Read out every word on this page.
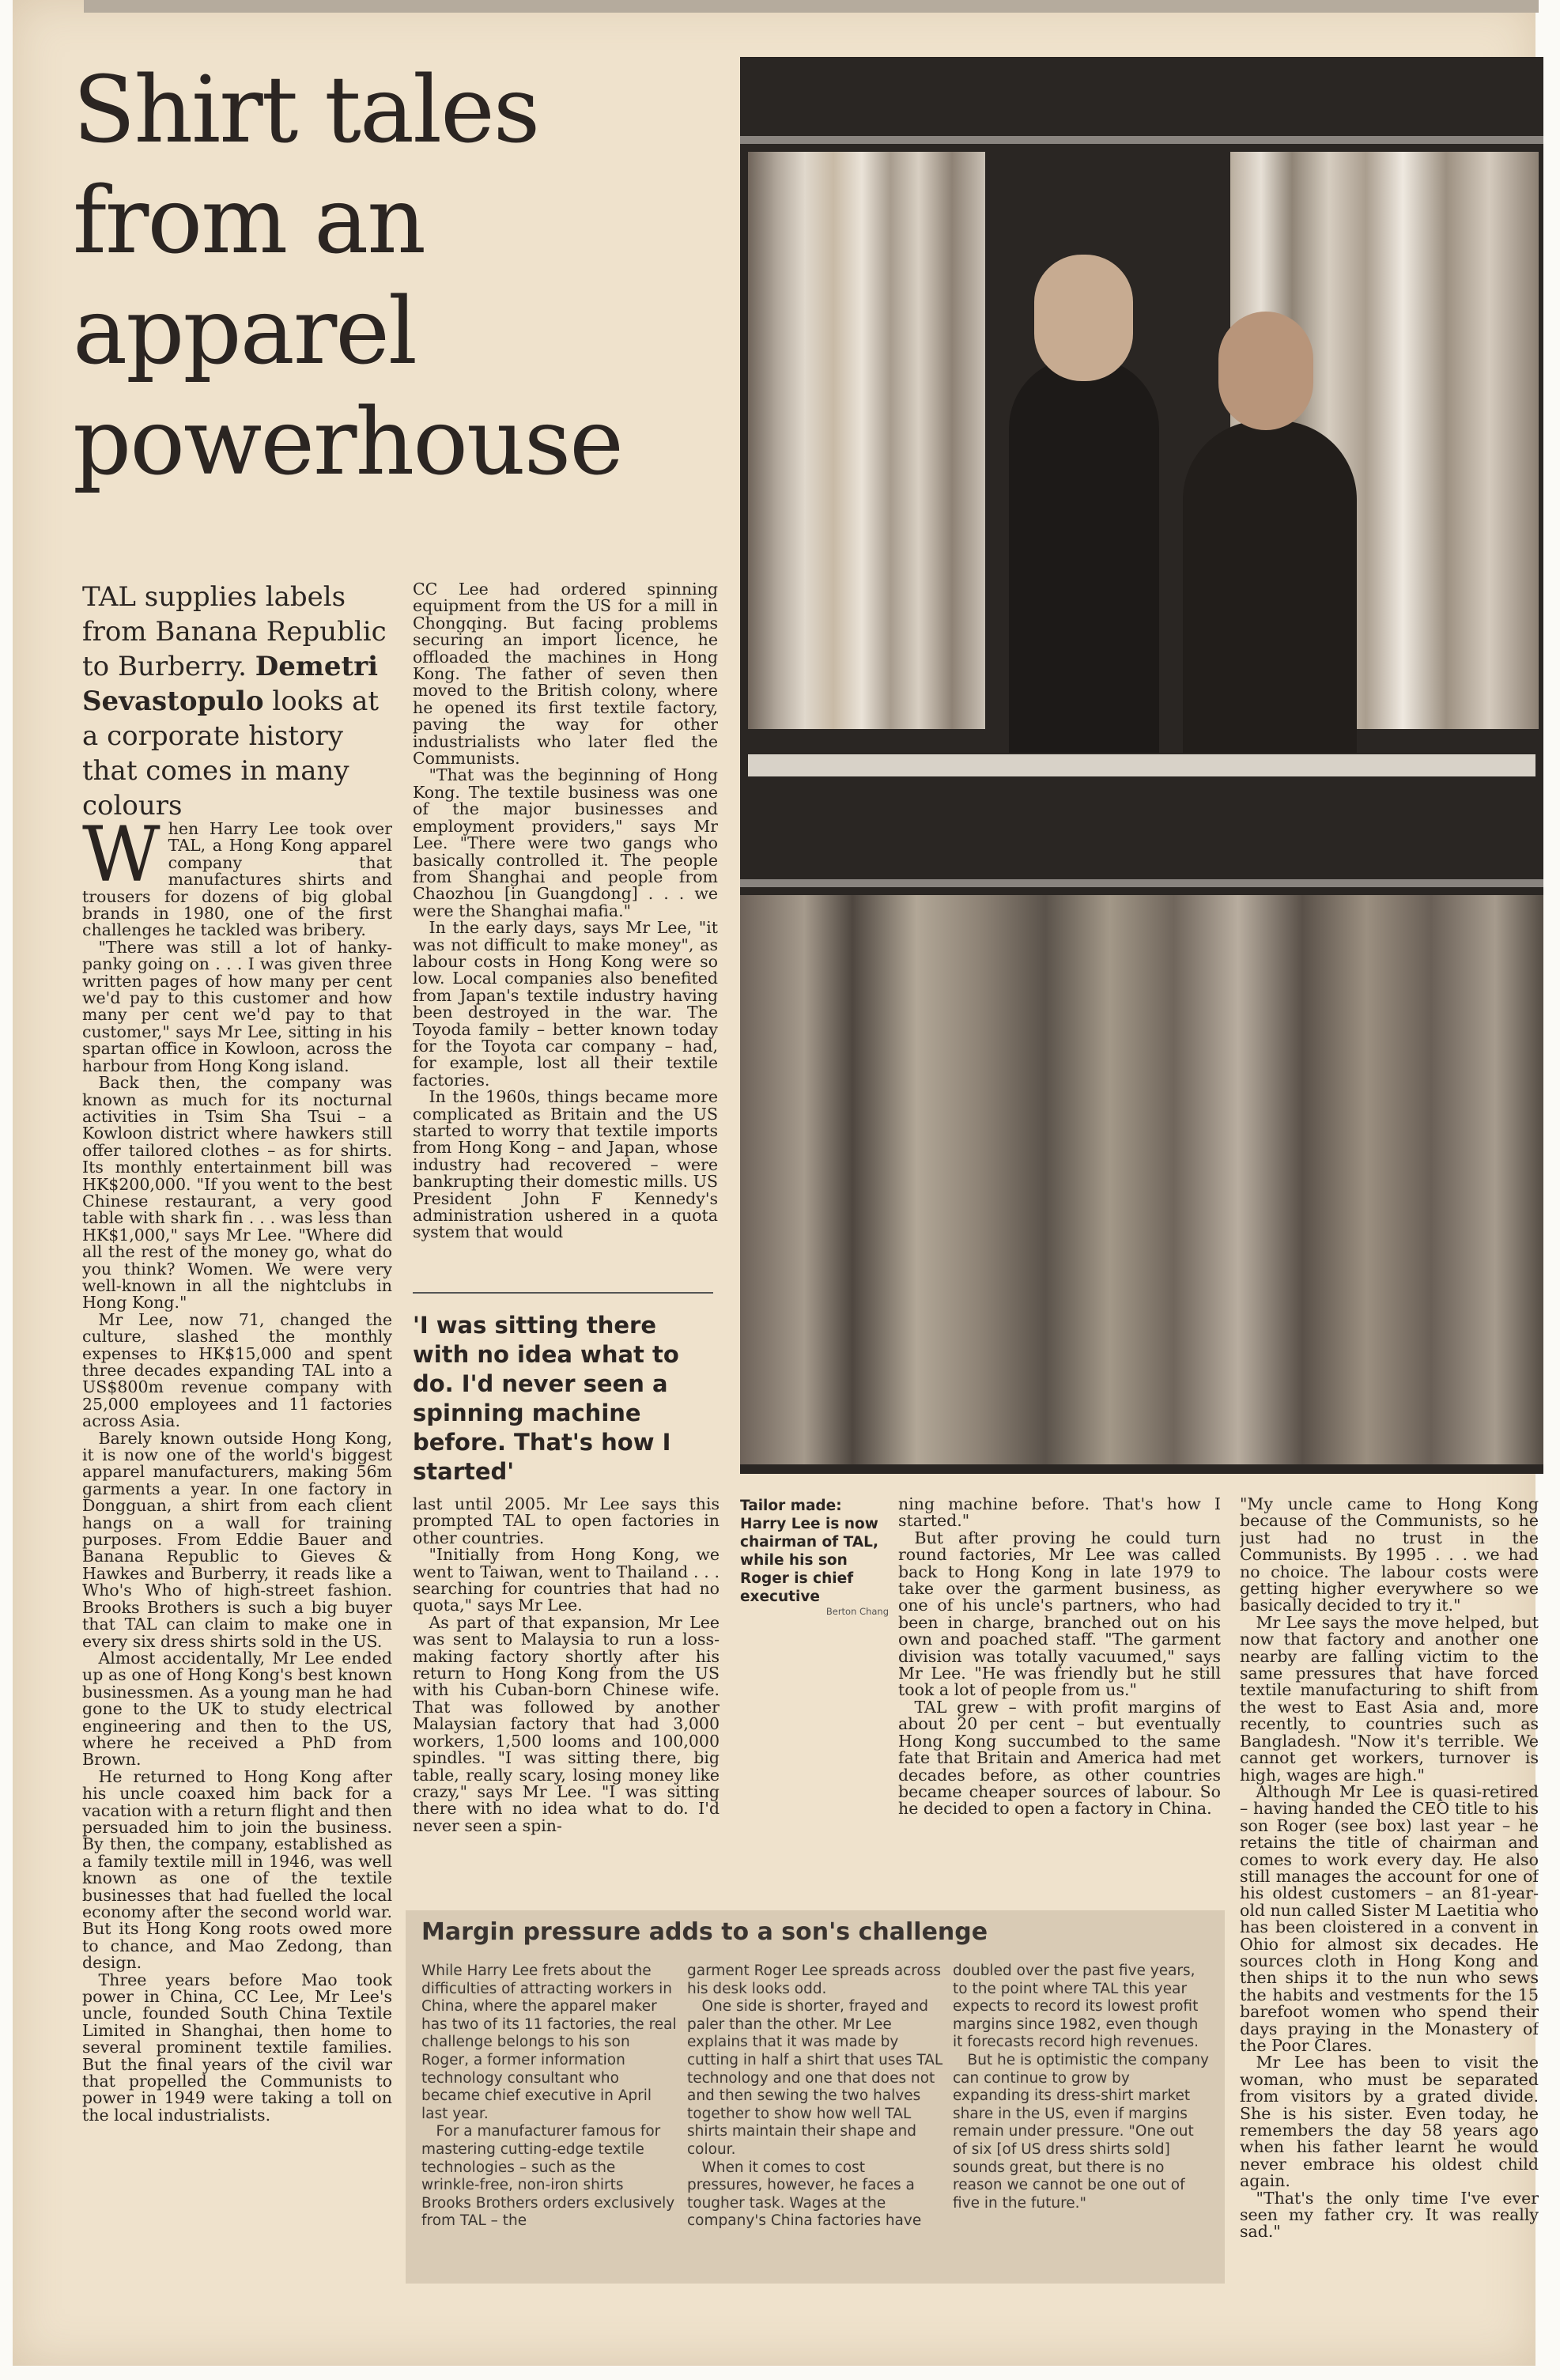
Shirt tales
from an
apparel
powerhouse
TAL supplies labels from Banana Republic to Burberry. Demetri Sevastopulo looks at a corporate history that comes in many colours
W hen Harry Lee took over TAL, a Hong Kong apparel company that manufactures shirts and trousers for dozens of big global brands in 1980, one of the first challenges he tackled was bribery.
"There was still a lot of hanky-panky going on . . . I was given three written pages of how many per cent we'd pay to this customer and how many per cent we'd pay to that customer," says Mr Lee, sitting in his spartan office in Kowloon, across the harbour from Hong Kong island.
Back then, the company was known as much for its nocturnal activities in Tsim Sha Tsui – a Kowloon district where hawkers still offer tailored clothes – as for shirts. Its monthly entertainment bill was HK$200,000. "If you went to the best Chinese restaurant, a very good table with shark fin . . . was less than HK$1,000," says Mr Lee. "Where did all the rest of the money go, what do you think? Women. We were very well-known in all the nightclubs in Hong Kong."
Mr Lee, now 71, changed the culture, slashed the monthly expenses to HK$15,000 and spent three decades expanding TAL into a US$800m revenue company with 25,000 employees and 11 factories across Asia.
Barely known outside Hong Kong, it is now one of the world's biggest apparel manufacturers, making 56m garments a year. In one factory in Dongguan, a shirt from each client hangs on a wall for training purposes. From Eddie Bauer and Banana Republic to Gieves & Hawkes and Burberry, it reads like a Who's Who of high-street fashion. Brooks Brothers is such a big buyer that TAL can claim to make one in every six dress shirts sold in the US.
Almost accidentally, Mr Lee ended up as one of Hong Kong's best known businessmen. As a young man he had gone to the UK to study electrical engineering and then to the US, where he received a PhD from Brown.
He returned to Hong Kong after his uncle coaxed him back for a vacation with a return flight and then persuaded him to join the business. By then, the company, established as a family textile mill in 1946, was well known as one of the textile businesses that had fuelled the local economy after the second world war. But its Hong Kong roots owed more to chance, and Mao Zedong, than design.
Three years before Mao took power in China, CC Lee, Mr Lee's uncle, founded South China Textile Limited in Shanghai, then home to several prominent textile families. But the final years of the civil war that propelled the Communists to power in 1949 were taking a toll on the local industrialists.
CC Lee had ordered spinning equipment from the US for a mill in Chongqing. But facing problems securing an import licence, he offloaded the machines in Hong Kong. The father of seven then moved to the British colony, where he opened its first textile factory, paving the way for other industrialists who later fled the Communists.
"That was the beginning of Hong Kong. The textile business was one of the major businesses and employment providers," says Mr Lee. "There were two gangs who basically controlled it. The people from Shanghai and people from Chaozhou [in Guangdong] . . . we were the Shanghai mafia."
In the early days, says Mr Lee, "it was not difficult to make money", as labour costs in Hong Kong were so low. Local companies also benefited from Japan's textile industry having been destroyed in the war. The Toyoda family – better known today for the Toyota car company – had, for example, lost all their textile factories.
In the 1960s, things became more complicated as Britain and the US started to worry that textile imports from Hong Kong – and Japan, whose industry had recovered – were bankrupting their domestic mills. US President John F Kennedy's administration ushered in a quota system that would
'I was sitting there with no idea what to do. I'd never seen a spinning machine before. That's how I started'
last until 2005. Mr Lee says this prompted TAL to open factories in other countries.
"Initially from Hong Kong, we went to Taiwan, went to Thailand . . . searching for countries that had no quota," says Mr Lee.
As part of that expansion, Mr Lee was sent to Malaysia to run a loss-making factory shortly after his return to Hong Kong from the US with his Cuban-born Chinese wife. That was followed by another Malaysian factory that had 3,000 workers, 1,500 looms and 100,000 spindles. "I was sitting there, big table, really scary, losing money like crazy," says Mr Lee. "I was sitting there with no idea what to do. I'd never seen a spin-
Tailor made: Harry Lee is now chairman of TAL, while his son Roger is chief executive
Berton Chang
ning machine before. That's how I started."
But after proving he could turn round factories, Mr Lee was called back to Hong Kong in late 1979 to take over the garment business, as one of his uncle's partners, who had been in charge, branched out on his own and poached staff. "The garment division was totally vacuumed," says Mr Lee. "He was friendly but he still took a lot of people from us."
TAL grew – with profit margins of about 20 per cent – but eventually Hong Kong succumbed to the same fate that Britain and America had met decades before, as other countries became cheaper sources of labour. So he decided to open a factory in China.
"My uncle came to Hong Kong because of the Communists, so he just had no trust in the Communists. By 1995 . . . we had no choice. The labour costs were getting higher everywhere so we basically decided to try it."
Mr Lee says the move helped, but now that factory and another one nearby are falling victim to the same pressures that have forced textile manufacturing to shift from the west to East Asia and, more recently, to countries such as Bangladesh. "Now it's terrible. We cannot get workers, turnover is high, wages are high."
Although Mr Lee is quasi-retired – having handed the CEO title to his son Roger (see box) last year – he retains the title of chairman and comes to work every day. He also still manages the account for one of his oldest customers – an 81-year-old nun called Sister M Laetitia who has been cloistered in a convent in Ohio for almost six decades. He sources cloth in Hong Kong and then ships it to the nun who sews the habits and vestments for the 15 barefoot women who spend their days praying in the Monastery of the Poor Clares.
Mr Lee has been to visit the woman, who must be separated from visitors by a grated divide. She is his sister. Even today, he remembers the day 58 years ago when his father learnt he would never embrace his oldest child again.
"That's the only time I've ever seen my father cry. It was really sad."
Margin pressure adds to a son's challenge
While Harry Lee frets about the difficulties of attracting workers in China, where the apparel maker has two of its 11 factories, the real challenge belongs to his son Roger, a former information technology consultant who became chief executive in April last year.
For a manufacturer famous for mastering cutting-edge textile technologies – such as the wrinkle-free, non-iron shirts Brooks Brothers orders exclusively from TAL – the
garment Roger Lee spreads across his desk looks odd.
One side is shorter, frayed and paler than the other. Mr Lee explains that it was made by cutting in half a shirt that uses TAL technology and one that does not and then sewing the two halves together to show how well TAL shirts maintain their shape and colour.
When it comes to cost pressures, however, he faces a tougher task. Wages at the company's China factories have
doubled over the past five years, to the point where TAL this year expects to record its lowest profit margins since 1982, even though it forecasts record high revenues.
But he is optimistic the company can continue to grow by expanding its dress-shirt market share in the US, even if margins remain under pressure. "One out of six [of US dress shirts sold] sounds great, but there is no reason we cannot be one out of five in the future."
